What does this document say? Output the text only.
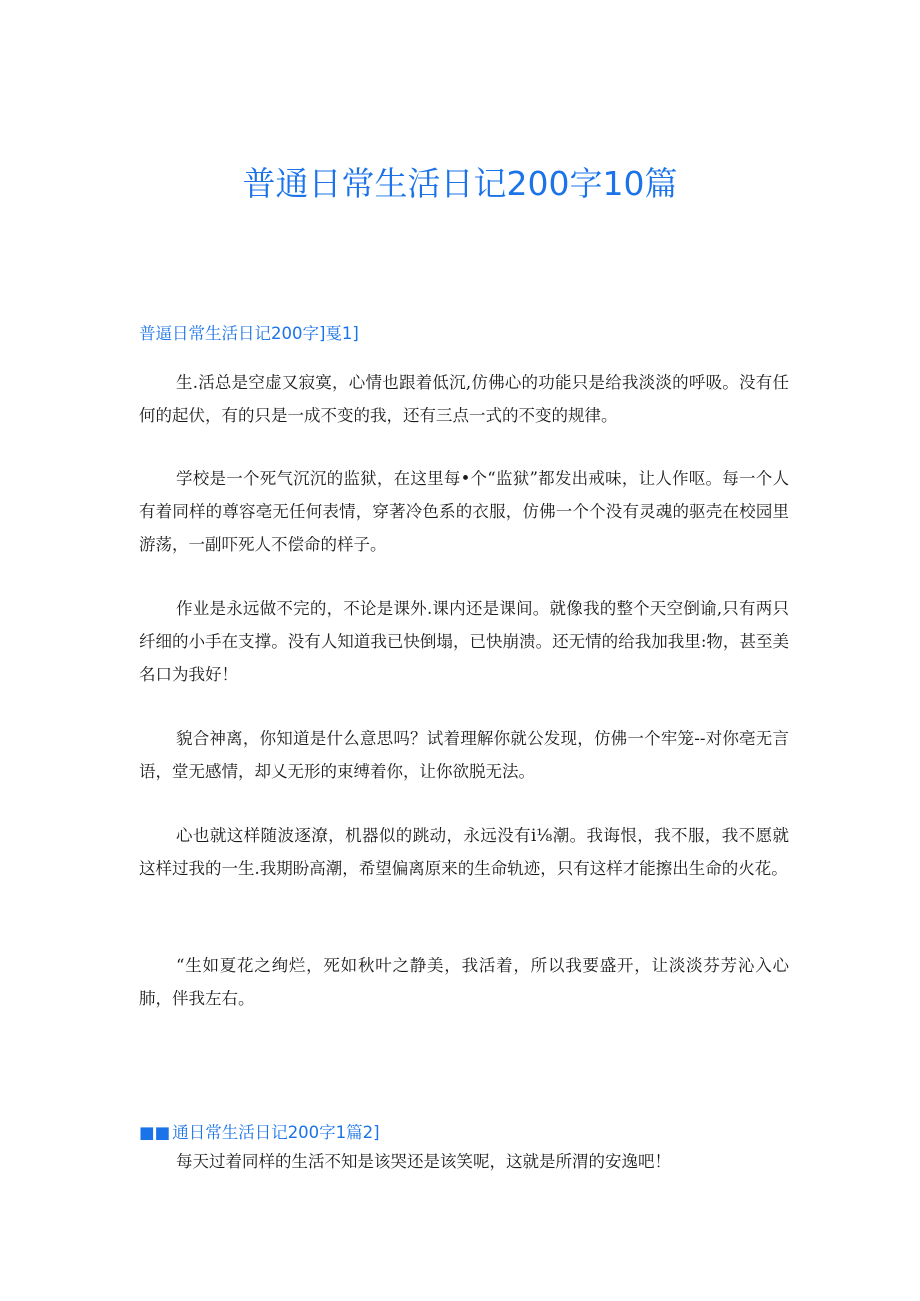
普通日常生活日记200字10篇
普逼日常生活日记200字]戛1]

生.活总是空虚又寂寞，心情也跟着低沉,仿佛心的功能只是给我淡淡的呼吸。没有任何的起伏，有的只是一成不变的我，还有三点一式的不变的规律。

学校是一个死气沉沉的监狱，在这里每•个“监狱”都发出戒味，让人作呕。每一个人有着同样的尊容亳无任何表情，穿著冷色系的衣服，仿佛一个个没有灵魂的驱壳在校园里游荡，一副吓死人不偿命的样子。

作业是永远做不完的，不论是课外.课内还是课间。就像我的整个天空倒谕,只有两只纤细的小手在支撑。没有人知道我已快倒塌，已快崩溃。还无情的给我加我里:物，甚至美名口为我好！

貌合神离，你知道是什么意思吗？试着理解你就公发现，仿佛一个牢笼--对你亳无言语，堂无感情，却乂无形的束缚着你，让你欲脱无法。

心也就这样随波逐潦，机器似的跳动，永远没有i⅛潮。我诲恨，我不服，我不愿就这样过我的一生.我期盼高潮，希望偏离原来的生命轨迹，只有这样才能擦出生命的火花。

“生如夏花之绚烂，死如秋叶之静美，我活着，所以我要盛开，让淡淡芬芳沁入心肺，伴我左右。

■■ 通日常生活日记200字1篇2]

每天过着同样的生活不知是该哭还是该笑呢，这就是所渭的安逸吧！
